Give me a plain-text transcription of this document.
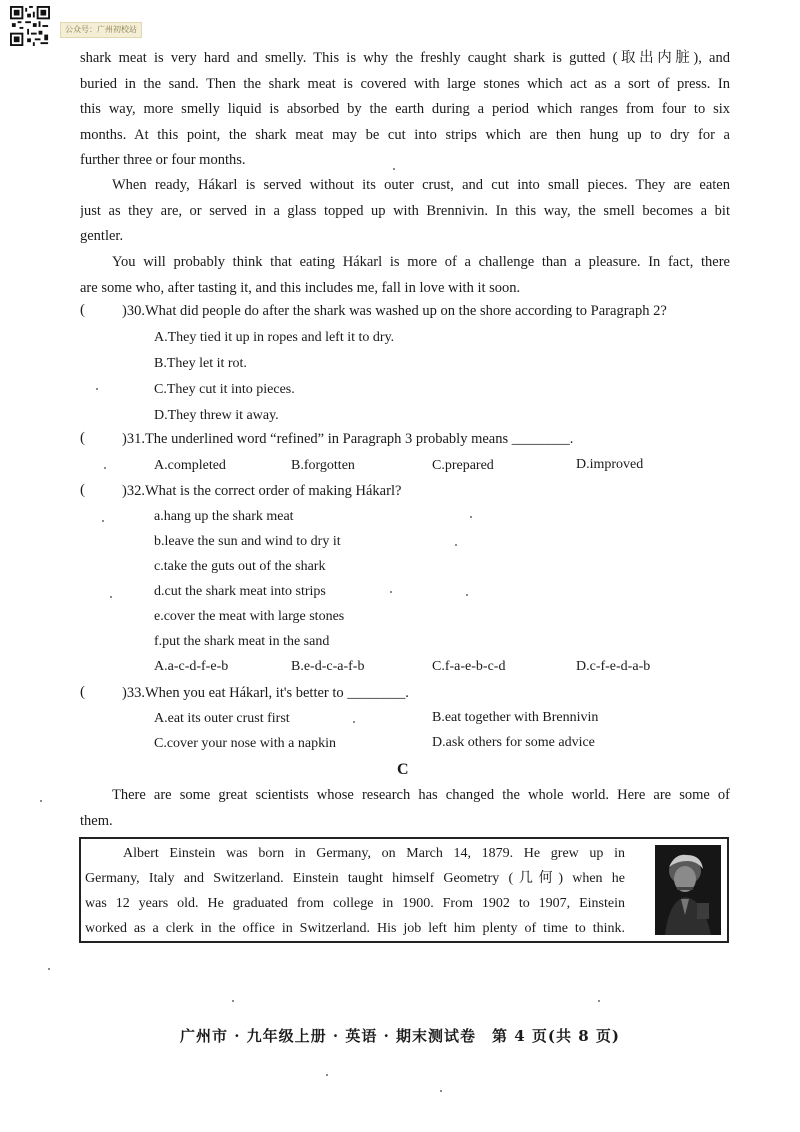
公众号：广州初校站
shark meat is very hard and smelly. This is why the freshly caught shark is gutted (取出内脏), and
buried in the sand. Then the shark meat is covered with large stones which act as a sort of press. In
this way, more smelly liquid is absorbed by the earth during a period which ranges from four to six
months. At this point, the shark meat may be cut into strips which are then hung up to dry for a
further three or four months.
When ready, Hákarl is served without its outer crust, and cut into small pieces. They are eaten
just as they are, or served in a glass topped up with Brennivin. In this way, the smell becomes a bit
gentler.
You will probably think that eating Hákarl is more of a challenge than a pleasure. In fact, there
are some who, after tasting it, and this includes me, fall in love with it soon.
(	)30.What did people do after the shark was washed up on the shore according to Paragraph 2?
A.They tied it up in ropes and left it to dry.
B.They let it rot.
C.They cut it into pieces.
D.They threw it away.
(	)31.The underlined word “refined” in Paragraph 3 probably means ________.
A.completed	B.forgotten	C.prepared	D.improved
(	)32.What is the correct order of making Hákarl?
a.hang up the shark meat
b.leave the sun and wind to dry it
c.take the guts out of the shark
d.cut the shark meat into strips
e.cover the meat with large stones
f.put the shark meat in the sand
A.a-c-d-f-e-b	B.e-d-c-a-f-b	C.f-a-e-b-c-d	D.c-f-e-d-a-b
(	)33.When you eat Hákarl, it's better to ________.
A.eat its outer crust first	B.eat together with Brennivin
C.cover your nose with a napkin	D.ask others for some advice
C
There are some great scientists whose research has changed the whole world. Here are some of
them.
Albert Einstein was born in Germany, on March 14, 1879. He grew up in
Germany, Italy and Switzerland. Einstein taught himself Geometry (几何) when he
was 12 years old. He graduated from college in 1900. From 1902 to 1907, Einstein
worked as a clerk in the office in Switzerland. His job left him plenty of time to think.
广州市 · 九年级上册 · 英语 · 期末测试卷　第 4 页(共 8 页)
